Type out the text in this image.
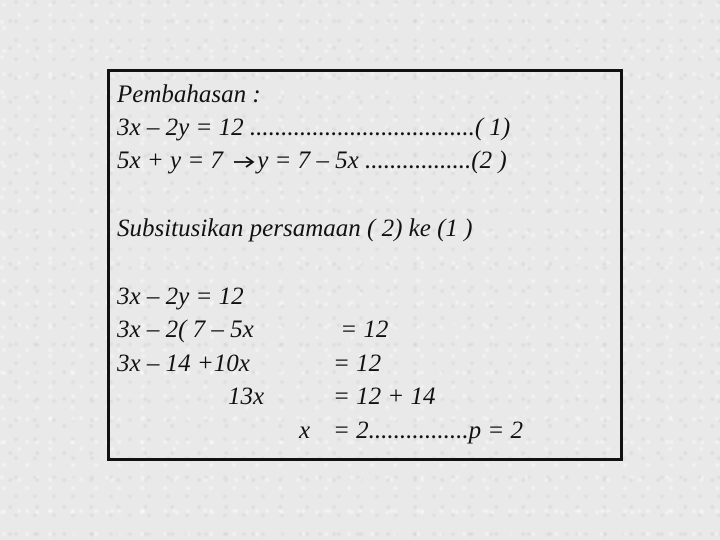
Pembahasan :
3x – 2y = 12 ....................................( 1)
5x + y = 7 y = 7 – 5x .................(2 )
Subsitusikan persamaan ( 2) ke (1 )
3x – 2y = 12
3x – 2( 7 – 5x	= 12
3x – 14 +10x	= 12
13x	= 12 + 14
x = 2................p = 2
